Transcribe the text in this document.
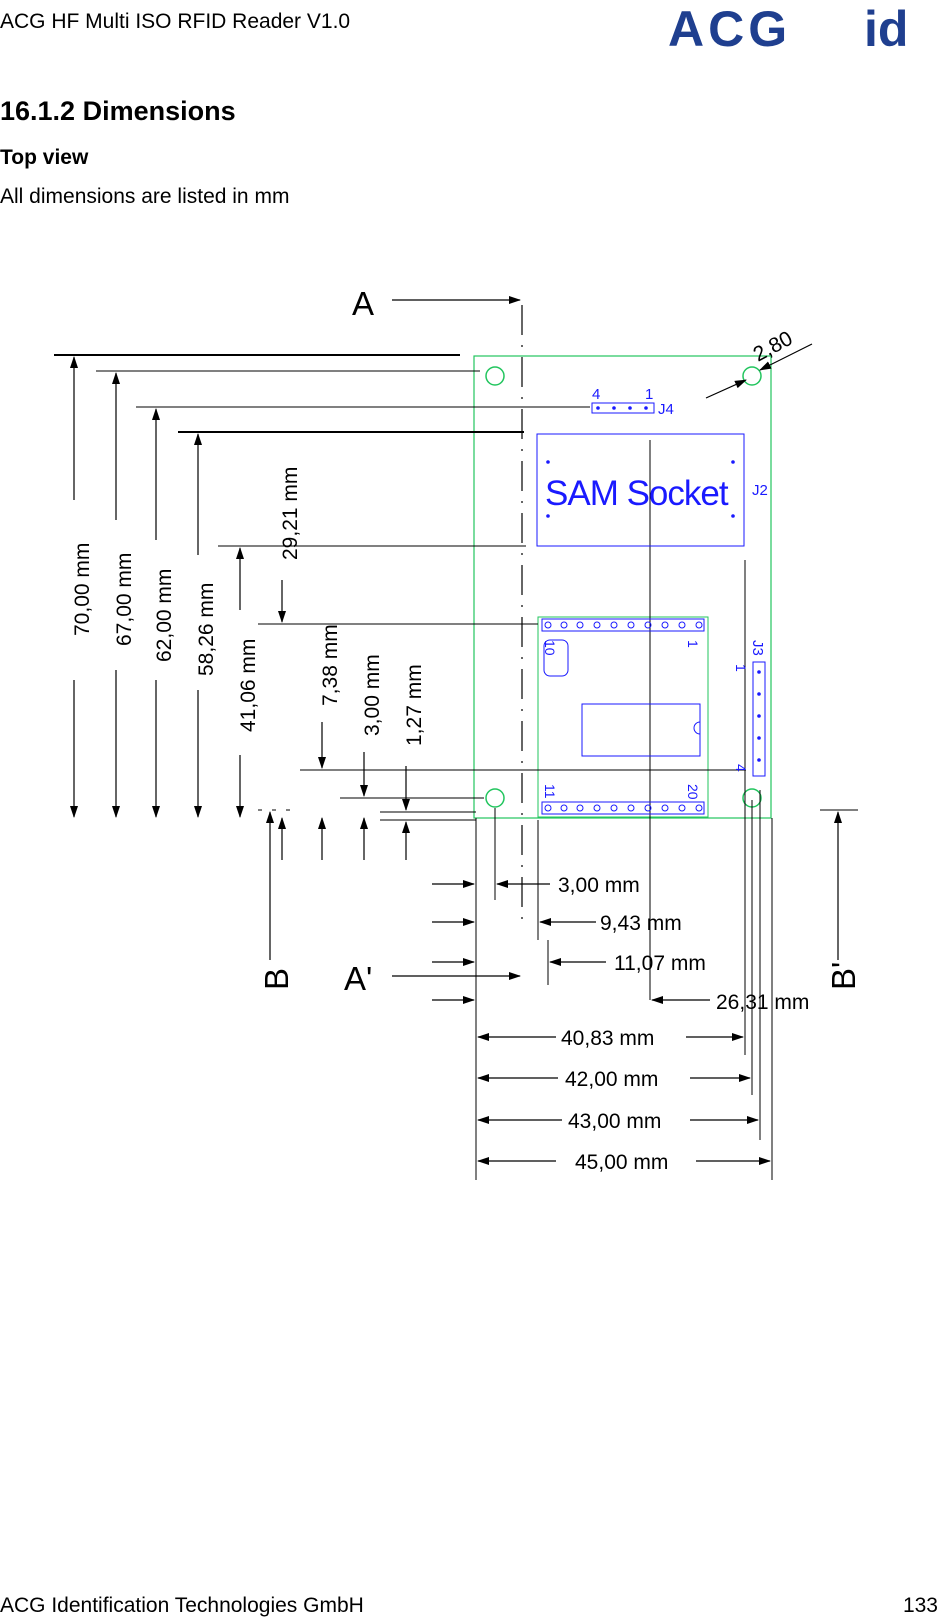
ACG HF Multi ISO RFID Reader V1.0	ACG id
16.1.2 Dimensions
Top view
All dimensions are listed in mm
A
A'
B	B'
70,00 mm 67,00 mm 62,00 mm 58,26 mm
41,06 mm
29,21 mm
7,38 mm 3,00 mm 1,27 mm
3,00 mm
9,43 mm
11,07 mm
26,31 mm
40,83 mm
42,00 mm
43,00 mm
45,00 mm
2,80
4	1
J4
SAM Socket J2
10	1
11	20
J3
1
4
ACG Identification Technologies GmbH	133
